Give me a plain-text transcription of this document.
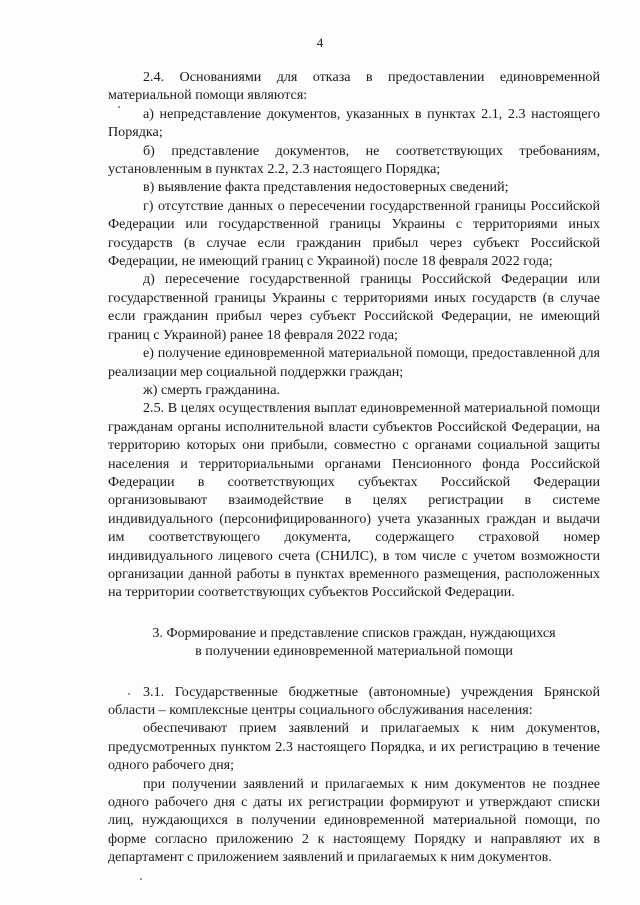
4

2.4. Основаниями для отказа в предоставлении единовременной материальной помощи являются:

а) непредставление документов, указанных в пунктах 2.1, 2.3 настоящего Порядка;

б) представление документов, не соответствующих требованиям, установленным в пунктах 2.2, 2.3 настоящего Порядка;

в) выявление факта представления недостоверных сведений;

г) отсутствие данных о пересечении государственной границы Российской Федерации или государственной границы Украины с территориями иных государств (в случае если гражданин прибыл через субъект Российской Федерации, не имеющий границ с Украиной) после 18 февраля 2022 года;

д) пересечение государственной границы Российской Федерации или государственной границы Украины с территориями иных государств (в случае если гражданин прибыл через субъект Российской Федерации, не имеющий границ с Украиной) ранее 18 февраля 2022 года;

е) получение единовременной материальной помощи, предоставленной для реализации мер социальной поддержки граждан;

ж) смерть гражданина.

2.5. В целях осуществления выплат единовременной материальной помощи гражданам органы исполнительной власти субъектов Российской Федерации, на территорию которых они прибыли, совместно с органами социальной защиты населения и территориальными органами Пенсионного фонда Российской Федерации в соответствующих субъектах Российской Федерации организовывают взаимодействие в целях регистрации в системе индивидуального (персонифицированного) учета указанных граждан и выдачи им соответствующего документа, содержащего страховой номер индивидуального лицевого счета (СНИЛС), в том числе с учетом возможности организации данной работы в пунктах временного размещения, расположенных на территории соответствующих субъектов Российской Федерации.

3. Формирование и представление списков граждан, нуждающихся
в получении единовременной материальной помощи

3.1. Государственные бюджетные (автономные) учреждения Брянской области – комплексные центры социального обслуживания населения:

обеспечивают прием заявлений и прилагаемых к ним документов, предусмотренных пунктом 2.3 настоящего Порядка, и их регистрацию в течение одного рабочего дня;

при получении заявлений и прилагаемых к ним документов не позднее одного рабочего дня с даты их регистрации формируют и утверждают списки лиц, нуждающихся в получении единовременной материальной помощи, по форме согласно приложению 2 к настоящему Порядку и направляют их в департамент с приложением заявлений и прилагаемых к ним документов.
